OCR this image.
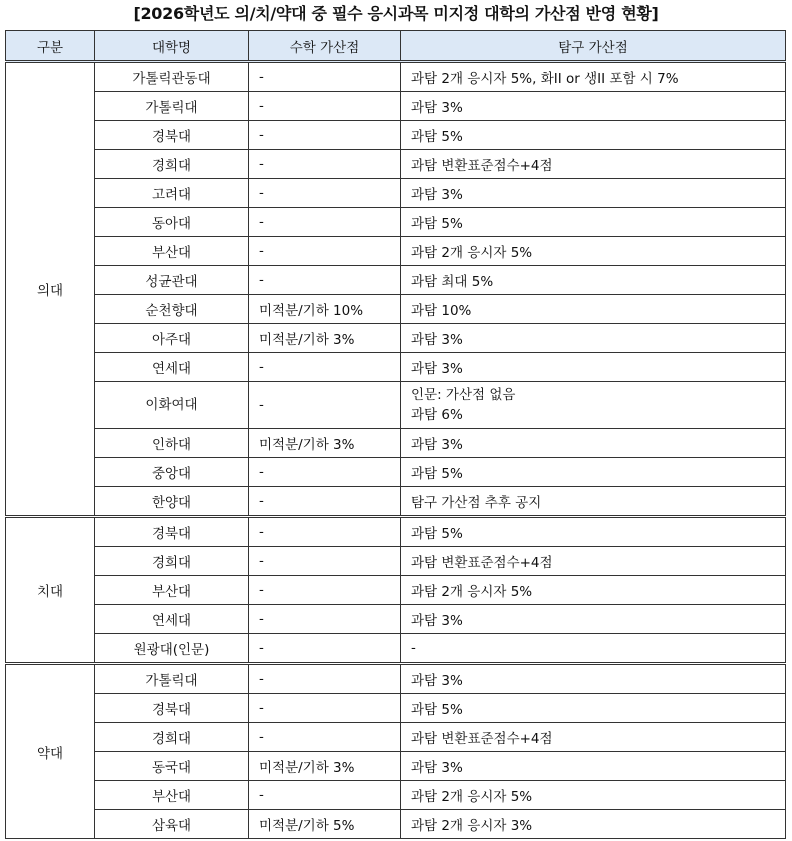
[2026학년도 의/치/약대 중 필수 응시과목 미지정 대학의 가산점 반영 현황]
구분	대학명	수학 가산점	탐구 가산점
의대	가톨릭관동대	-	과탐 2개 응시자 5%, 화II or 생II 포함 시 7%
	가톨릭대	-	과탐 3%
	경북대	-	과탐 5%
	경희대	-	과탐 변환표준점수+4점
	고려대	-	과탐 3%
	동아대	-	과탐 5%
	부산대	-	과탐 2개 응시자 5%
	성균관대	-	과탐 최대 5%
	순천향대	미적분/기하 10%	과탐 10%
	아주대	미적분/기하 3%	과탐 3%
	연세대	-	과탐 3%
	이화여대	-	인문: 가산점 없음
과탐 6%
	인하대	미적분/기하 3%	과탐 3%
	중앙대	-	과탐 5%
	한양대	-	탐구 가산점 추후 공지
치대	경북대	-	과탐 5%
	경희대	-	과탐 변환표준점수+4점
	부산대	-	과탐 2개 응시자 5%
	연세대	-	과탐 3%
	원광대(인문)	-	-
약대	가톨릭대	-	과탐 3%
	경북대	-	과탐 5%
	경희대	-	과탐 변환표준점수+4점
	동국대	미적분/기하 3%	과탐 3%
	부산대	-	과탐 2개 응시자 5%
	삼육대	미적분/기하 5%	과탐 2개 응시자 3%
